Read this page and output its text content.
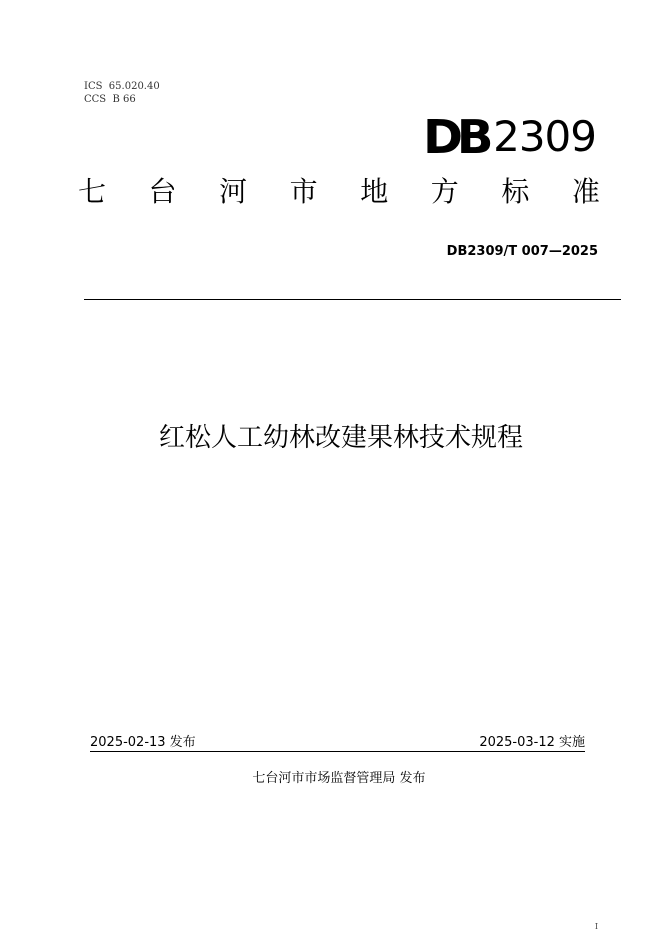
ICS  65.020.40
CCS  B 66
DB 2309
七 台 河 市 地 方 标 准
DB2309/T 007—2025
红松人工幼林改建果林技术规程
2025-02-13 发布	2025-03-12 实施
七台河市市场监督管理局 发布
I
